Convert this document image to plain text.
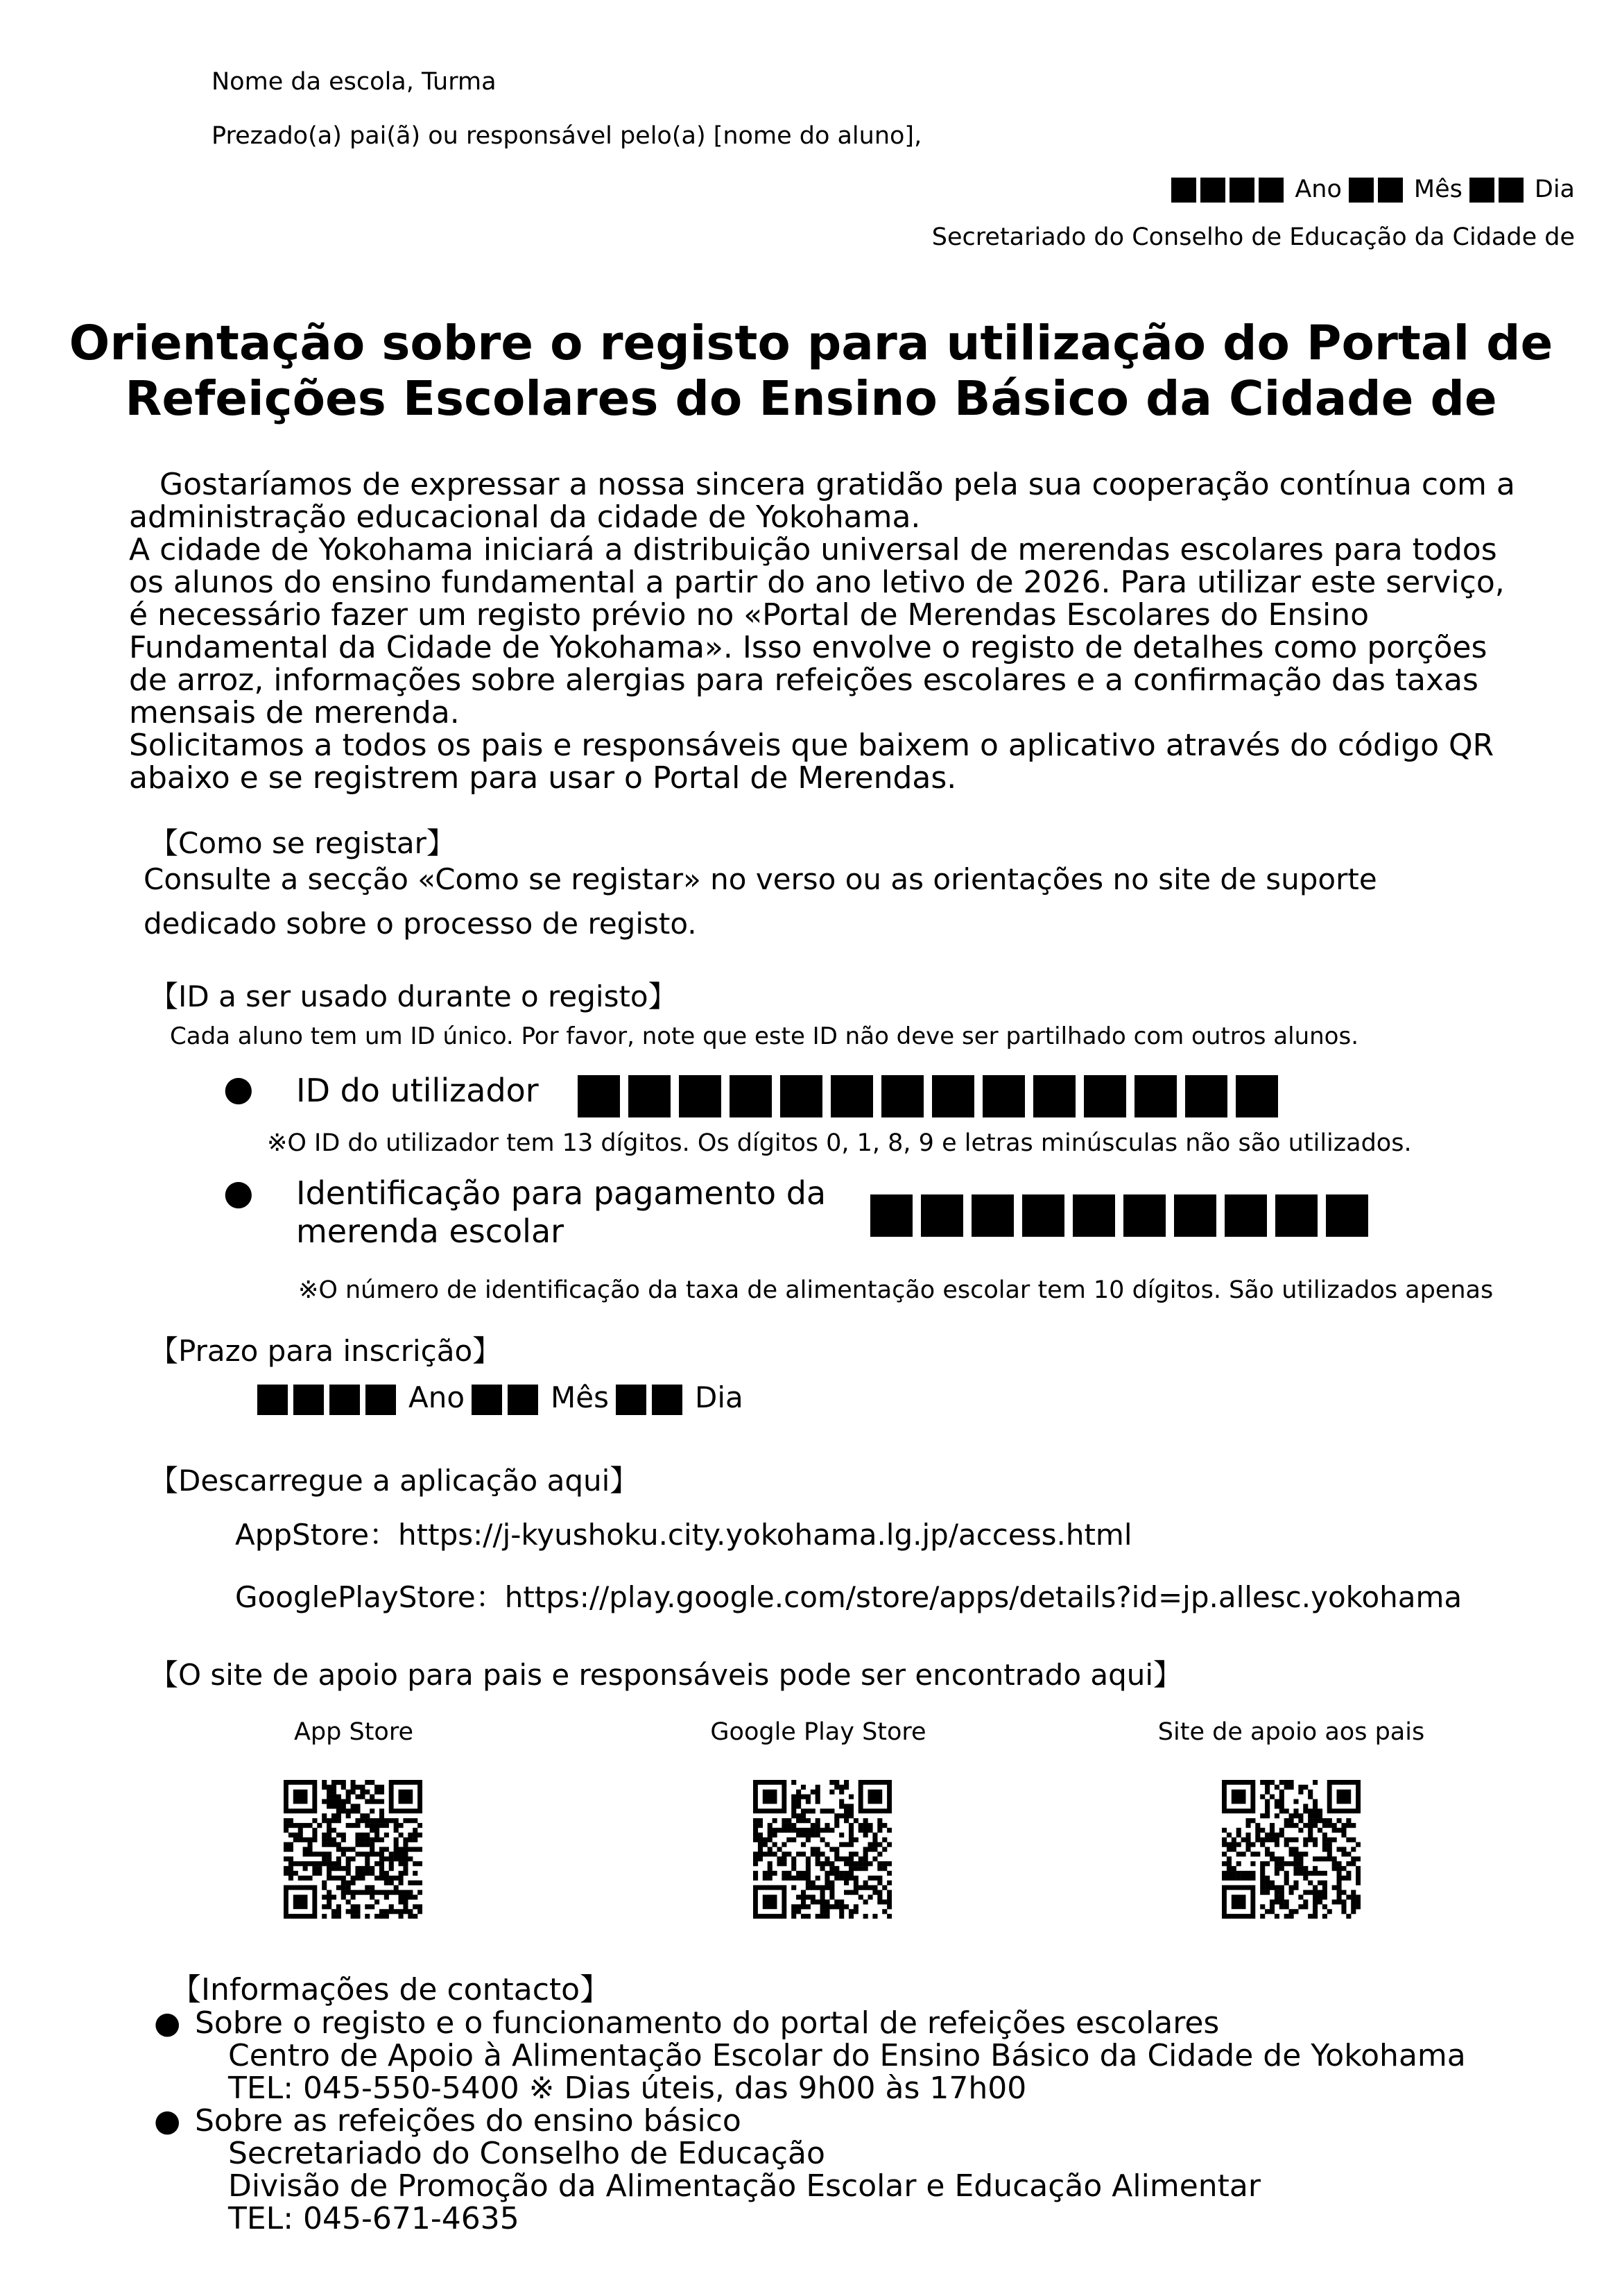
Nome da escola, Turma

Prezado(a) pai(ã) ou responsável pelo(a) [nome do aluno],

Ano	Mês	Dia

Secretariado do Conselho de Educação da Cidade de

Orientação sobre o registo para utilização do Portal de
Refeições Escolares do Ensino Básico da Cidade de
Gostaríamos de expressar a nossa sincera gratidão pela sua cooperação contínua com a
administração educacional da cidade de Yokohama.
A cidade de Yokohama iniciará a distribuição universal de merendas escolares para todos
os alunos do ensino fundamental a partir do ano letivo de 2026. Para utilizar este serviço,
é necessário fazer um registo prévio no «Portal de Merendas Escolares do Ensino
Fundamental da Cidade de Yokohama». Isso envolve o registo de detalhes como porções
de arroz, informações sobre alergias para refeições escolares e a confirmação das taxas
mensais de merenda.
Solicitamos a todos os pais e responsáveis que baixem o aplicativo através do código QR
abaixo e se registrem para usar o Portal de Merendas.

【Como se registar】

Consulte a secção «Como se registar» no verso ou as orientações no site de suporte

dedicado sobre o processo de registo.

【ID a ser usado durante o registo】

Cada aluno tem um ID único. Por favor, note que este ID não deve ser partilhado com outros alunos.

● ID do utilizador

※O ID do utilizador tem 13 dígitos. Os dígitos 0, 1, 8, 9 e letras minúsculas não são utilizados.

● Identificação para pagamento da
merenda escolar

※O número de identificação da taxa de alimentação escolar tem 10 dígitos. São utilizados apenas

【Prazo para inscrição】

Ano	Mês	Dia

【Descarregue a aplicação aqui】

AppStore：https://j-kyushoku.city.yokohama.lg.jp/access.html

GooglePlayStore：https://play.google.com/store/apps/details?id=jp.allesc.yokohama

【O site de apoio para pais e responsáveis pode ser encontrado aqui】

App Store	Google Play Store	Site de apoio aos pais

【Informações de contacto】

● Sobre o registo e o funcionamento do portal de refeições escolares

Centro de Apoio à Alimentação Escolar do Ensino Básico da Cidade de Yokohama

TEL: 045-550-5400 ※ Dias úteis, das 9h00 às 17h00

● Sobre as refeições do ensino básico

Secretariado do Conselho de Educação

Divisão de Promoção da Alimentação Escolar e Educação Alimentar

TEL: 045-671-4635
